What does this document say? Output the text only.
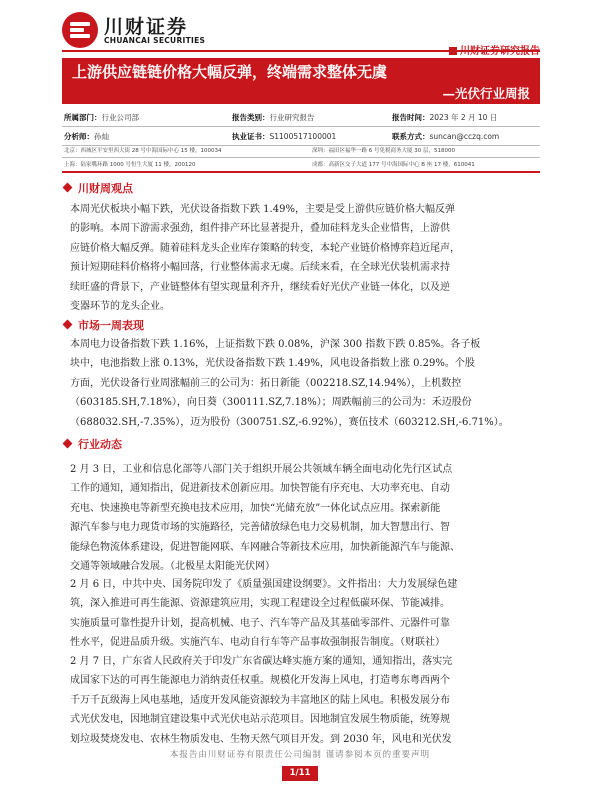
川财证券
CHUANCAI SECURITIES
上游供应链链价格大幅反弹，终端需求整体无虞
—光伏行业周报
所属部门：行业公司部	报告类别：行业研究报告	报告时间：2023 年 2 月 10 日
分析师：孙灿	执业证书：S1100517100001	联系方式：suncan@cczq.com
北京：西城区平安里西大街 28 号中海国际中心 15 楼，100034	深圳：福田区福华一路 6 号免税商务大厦 30 层，518000
上海：陆家嘴环路 1000 号恒生大厦 11 楼，200120	成都：高新区交子大道 177 号中海国际中心 B 座 17 楼，610041
川财周观点
本周光伏板块小幅下跌，光伏设备指数下跌 1.49%，主要是受上游供应链价格大幅反弹
的影响。本周下游需求强劲，组件排产环比显著提升，叠加硅料龙头企业惜售，上游供
应链价格大幅反弹。随着硅料龙头企业库存策略的转变，本轮产业链价格博弈趋近尾声，
预计短期硅料价格将小幅回落，行业整体需求无虞。后续来看，在全球光伏装机需求持
续旺盛的背景下，产业链整体有望实现量利齐升，继续看好光伏产业链一体化，以及逆
变器环节的龙头企业。
市场一周表现
本周电力设备指数下跌 1.16%，上证指数下跌 0.08%，沪深 300 指数下跌 0.85%。各子板
块中，电池指数上涨 0.13%，光伏设备指数下跌 1.49%，风电设备指数上涨 0.29%。个股
方面，光伏设备行业周涨幅前三的公司为：拓日新能（002218.SZ,14.94%），上机数控
（603185.SH,7.18%），向日葵（300111.SZ,7.18%）；周跌幅前三的公司为：禾迈股份
（688032.SH,-7.35%），迈为股份（300751.SZ,-6.92%），赛伍技术（603212.SH,-6.71%）。
行业动态
2 月 3 日，工业和信息化部等八部门关于组织开展公共领域车辆全面电动化先行区试点
工作的通知，通知指出，促进新技术创新应用。加快智能有序充电、大功率充电、自动
充电、快速换电等新型充换电技术应用，加快“光储充放”一体化试点应用。探索新能
源汽车参与电力现货市场的实施路径，完善储放绿色电力交易机制，加大智慧出行、智
能绿色物流体系建设，促进智能网联、车网融合等新技术应用，加快新能源汽车与能源、
交通等领域融合发展。（北极星太阳能光伏网）
2 月 6 日，中共中央、国务院印发了《质量强国建设纲要》。文件指出：大力发展绿色建
筑，深入推进可再生能源、资源建筑应用，实现工程建设全过程低碳环保、节能减排。
实施质量可靠性提升计划，提高机械、电子、汽车等产品及其基础零部件、元器件可靠
性水平，促进品质升级。实施汽车、电动自行车等产品事故强制报告制度。（财联社）
2 月 7 日，广东省人民政府关于印发广东省碳达峰实施方案的通知，通知指出，落实完
成国家下达的可再生能源电力消纳责任权重。规模化开发海上风电，打造粤东粤西两个
千万千瓦级海上风电基地，适度开发风能资源较为丰富地区的陆上风电。积极发展分布
式光伏发电，因地制宜建设集中式光伏电站示范项目。因地制宜发展生物质能，统筹规
划垃圾焚烧发电、农林生物质发电、生物天然气项目开发。到 2030 年，风电和光伏发
本报告由川财证券有限责任公司编制 谨请参阅本页的重要声明
1/11
